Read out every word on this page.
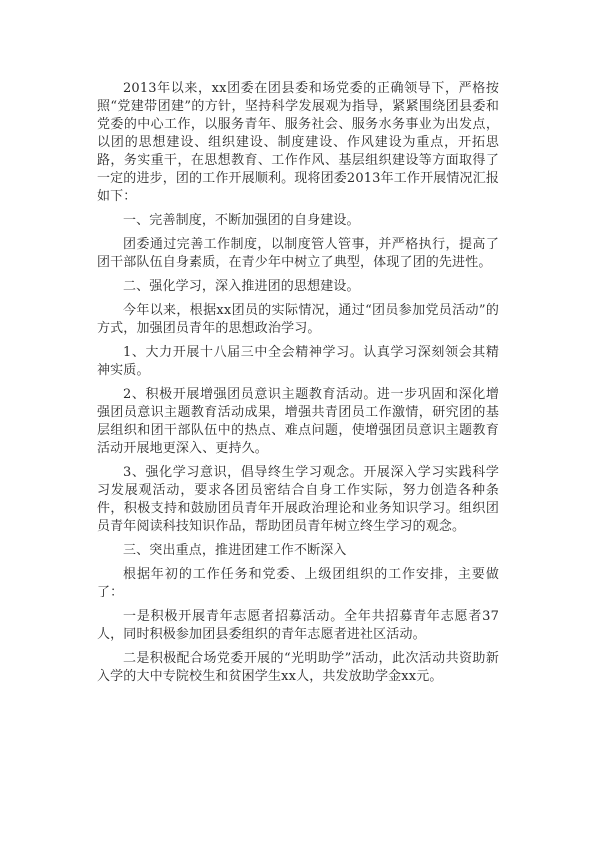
2013年以来，xx团委在团县委和场党委的正确领导下，严格按照“党建带团建”的方针，坚持科学发展观为指导，紧紧围绕团县委和党委的中心工作，以服务青年、服务社会、服务水务事业为出发点，以团的思想建设、组织建设、制度建设、作风建设为重点，开拓思路，务实重干，在思想教育、工作作风、基层组织建设等方面取得了一定的进步，团的工作开展顺利。现将团委2013年工作开展情况汇报如下：

一、完善制度，不断加强团的自身建设。

团委通过完善工作制度，以制度管人管事，并严格执行，提高了团干部队伍自身素质，在青少年中树立了典型，体现了团的先进性。

二、强化学习，深入推进团的思想建设。

今年以来，根据xx团员的实际情况，通过“团员参加党员活动”的方式，加强团员青年的思想政治学习。

1、大力开展十八届三中全会精神学习。认真学习深刻领会其精神实质。

2、积极开展增强团员意识主题教育活动。进一步巩固和深化增强团员意识主题教育活动成果，增强共青团员工作激情，研究团的基层组织和团干部队伍中的热点、难点问题，使增强团员意识主题教育活动开展地更深入、更持久。

3、强化学习意识，倡导终生学习观念。开展深入学习实践科学习发展观活动，要求各团员密结合自身工作实际，努力创造各种条件，积极支持和鼓励团员青年开展政治理论和业务知识学习。组织团员青年阅读科技知识作品，帮助团员青年树立终生学习的观念。

三、突出重点，推进团建工作不断深入

根据年初的工作任务和党委、上级团组织的工作安排，主要做了：

一是积极开展青年志愿者招募活动。全年共招募青年志愿者37人，同时积极参加团县委组织的青年志愿者进社区活动。

二是积极配合场党委开展的“光明助学”活动，此次活动共资助新入学的大中专院校生和贫困学生xx人，共发放助学金xx元。
